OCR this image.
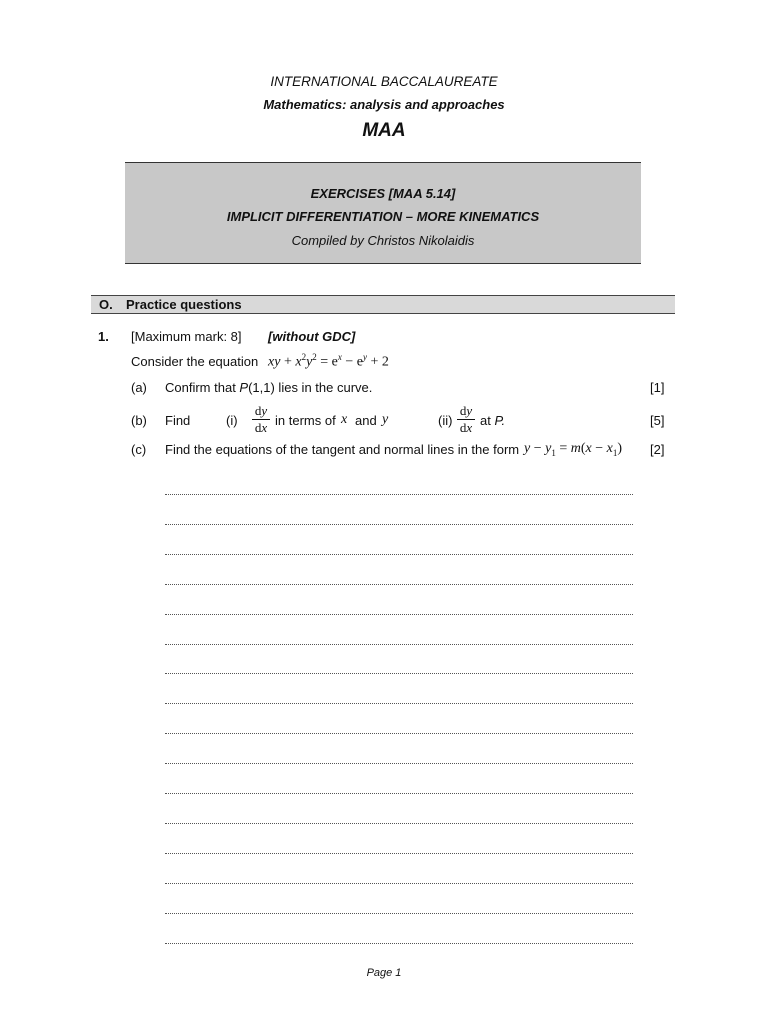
INTERNATIONAL BACCALAUREATE
Mathematics: analysis and approaches
MAA
EXERCISES [MAA 5.14]
IMPLICIT DIFFERENTIATION – MORE KINEMATICS
Compiled by Christos Nikolaidis
O. Practice questions
1. [Maximum mark: 8] [without GDC]
Consider the equation xy + $x^2y^2 = e^x - e^y + 2$
(a) Confirm that P(1,1) lies in the curve.	[1]
(b) Find	(i)
dy
dx in terms of x and y	(ii)
dy
dx at P.	[5]
(c) Find the equations of the tangent and normal lines in the form $y - y_1 = m(x - x_1)$ [2]
Page 1
